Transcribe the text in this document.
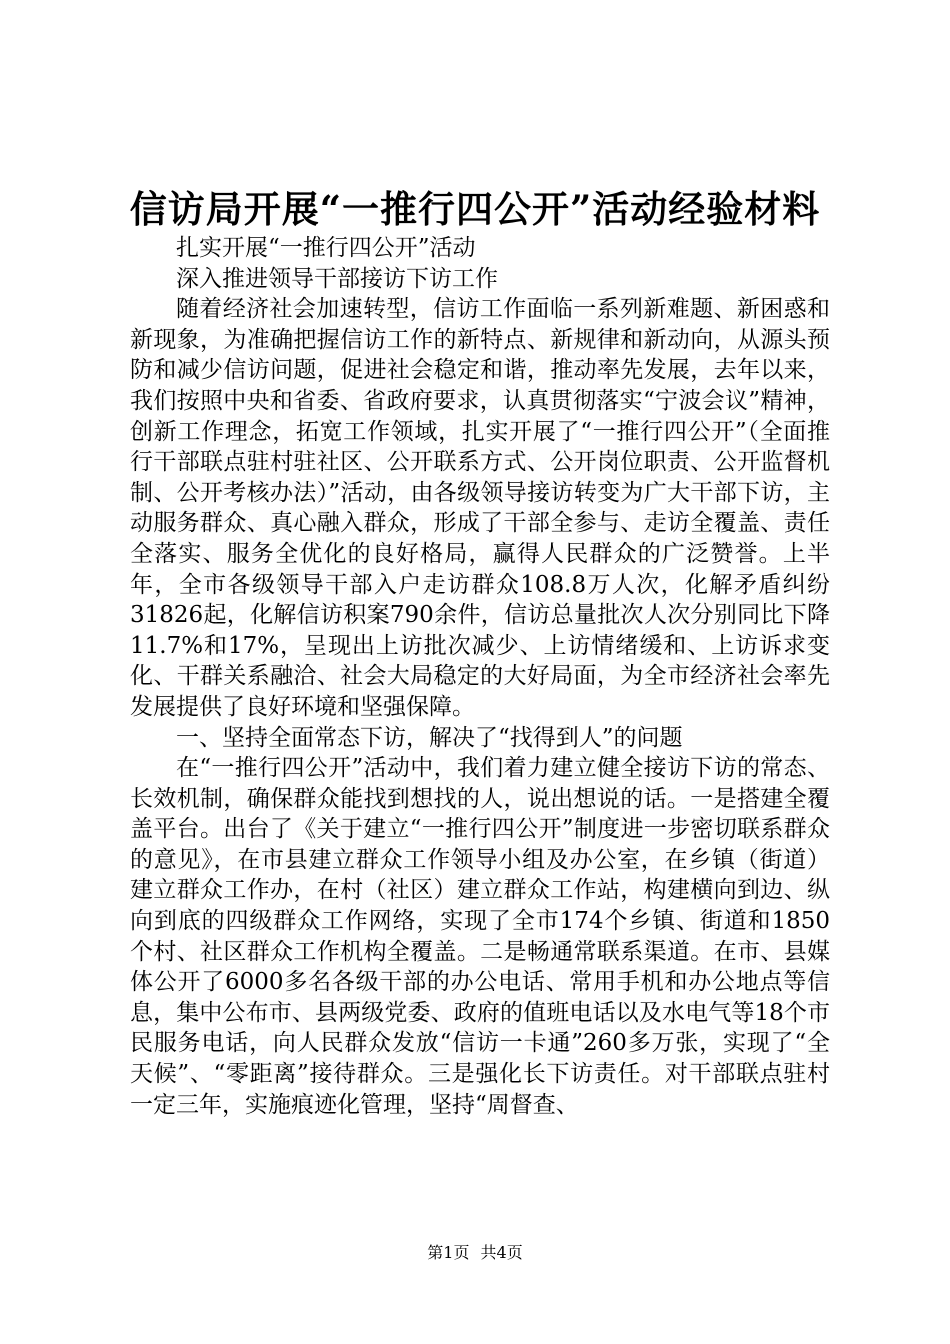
信访局开展“一推行四公开”活动经验材料

扎实开展“一推行四公开”活动

深入推进领导干部接访下访工作

随着经济社会加速转型，信访工作面临一系列新难题、新困惑和新现象，为准确把握信访工作的新特点、新规律和新动向，从源头预防和减少信访问题，促进社会稳定和谐，推动率先发展，去年以来，我们按照中央和省委、省政府要求，认真贯彻落实“宁波会议”精神，创新工作理念，拓宽工作领域，扎实开展了“一推行四公开”（全面推行干部联点驻村驻社区、公开联系方式、公开岗位职责、公开监督机制、公开考核办法）”活动，由各级领导接访转变为广大干部下访，主动服务群众、真心融入群众，形成了干部全参与、走访全覆盖、责任全落实、服务全优化的良好格局，赢得人民群众的广泛赞誉。上半年，全市各级领导干部入户走访群众108.8万人次，化解矛盾纠纷31826起，化解信访积案790余件，信访总量批次人次分别同比下降11.7%和17%，呈现出上访批次减少、上访情绪缓和、上访诉求变化、干群关系融洽、社会大局稳定的大好局面，为全市经济社会率先发展提供了良好环境和坚强保障。

一、坚持全面常态下访，解决了“找得到人”的问题

在“一推行四公开”活动中，我们着力建立健全接访下访的常态、长效机制，确保群众能找到想找的人，说出想说的话。一是搭建全覆盖平台。出台了《关于建立“一推行四公开”制度进一步密切联系群众的意见》，在市县建立群众工作领导小组及办公室，在乡镇（街道）建立群众工作办，在村（社区）建立群众工作站，构建横向到边、纵向到底的四级群众工作网络，实现了全市174个乡镇、街道和1850个村、社区群众工作机构全覆盖。二是畅通常联系渠道。在市、县媒体公开了6000多名各级干部的办公电话、常用手机和办公地点等信息，集中公布市、县两级党委、政府的值班电话以及水电气等18个市民服务电话，向人民群众发放“信访一卡通”260多万张，实现了“全天候”、“零距离”接待群众。三是强化长下访责任。对干部联点驻村一定三年，实施痕迹化管理，坚持“周督查、

第1页 共4页
